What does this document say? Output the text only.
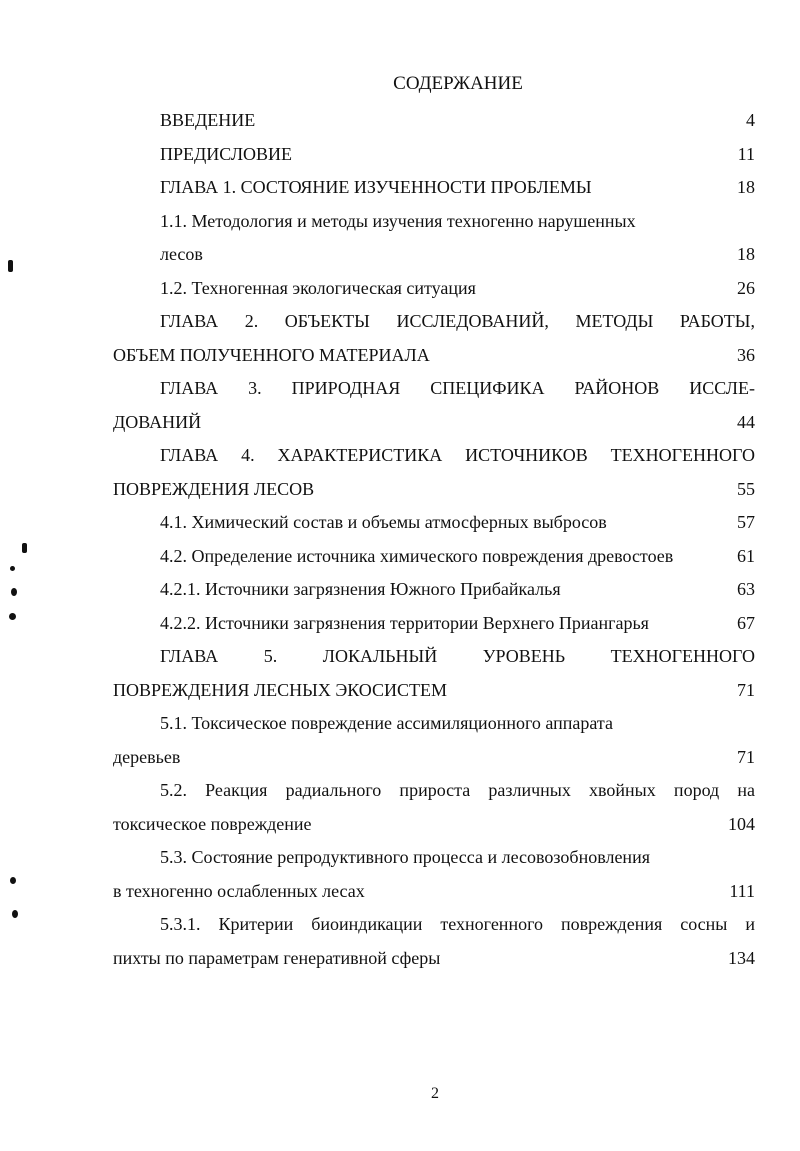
СОДЕРЖАНИЕ
ВВЕДЕНИЕ	4
ПРЕДИСЛОВИЕ	11
ГЛАВА 1. СОСТОЯНИЕ ИЗУЧЕННОСТИ ПРОБЛЕМЫ	18
1.1. Методология и методы изучения техногенно нарушенных
лесов	18
1.2. Техногенная экологическая ситуация	26
ГЛАВА 2. ОБЪЕКТЫ ИССЛЕДОВАНИЙ, МЕТОДЫ РАБОТЫ,
ОБЪЕМ ПОЛУЧЕННОГО МАТЕРИАЛА	36
ГЛАВА 3. ПРИРОДНАЯ СПЕЦИФИКА РАЙОНОВ ИССЛЕ-
ДОВАНИЙ	44
ГЛАВА 4. ХАРАКТЕРИСТИКА ИСТОЧНИКОВ ТЕХНОГЕННОГО
ПОВРЕЖДЕНИЯ ЛЕСОВ	55
4.1. Химический состав и объемы атмосферных выбросов	57
4.2. Определение источника химического повреждения древостоев	61
4.2.1. Источники загрязнения Южного Прибайкалья	63
4.2.2. Источники загрязнения территории Верхнего Приангарья	67
ГЛАВА 5. ЛОКАЛЬНЫЙ УРОВЕНЬ ТЕХНОГЕННОГО
ПОВРЕЖДЕНИЯ ЛЕСНЫХ ЭКОСИСТЕМ	71
5.1. Токсическое повреждение ассимиляционного аппарата
деревьев	71
5.2. Реакция радиального прироста различных хвойных пород на
токсическое повреждение	104
5.3. Состояние репродуктивного процесса и лесовозобновления
в техногенно ослабленных лесах	111
5.3.1. Критерии биоиндикации техногенного повреждения сосны и
пихты по параметрам генеративной сферы	134
2
